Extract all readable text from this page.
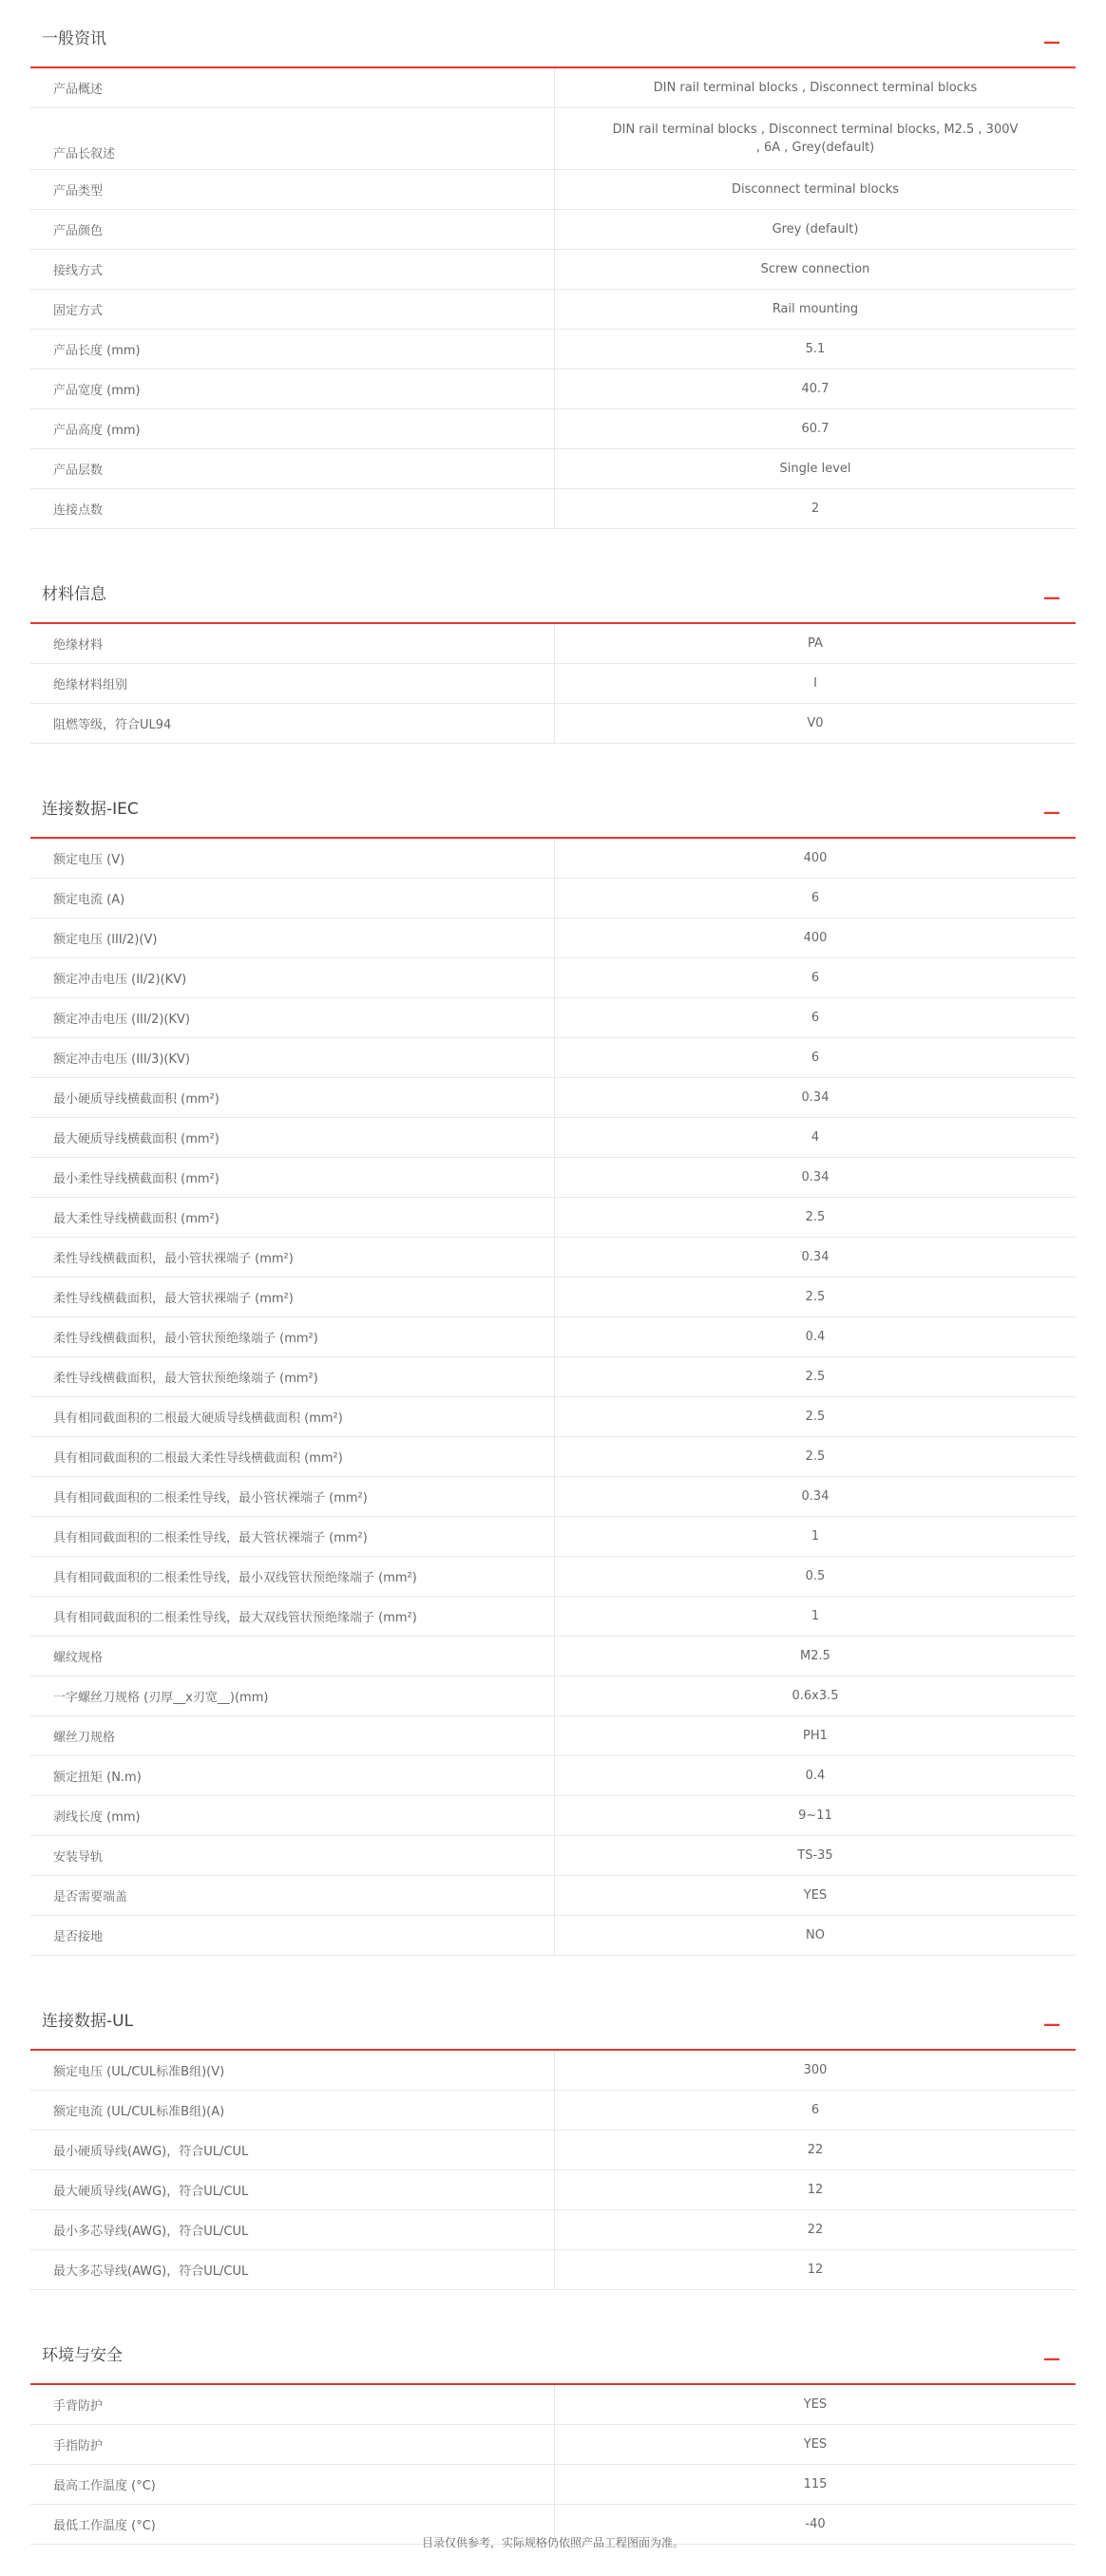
一般资讯	—
产品概述	DIN rail terminal blocks , Disconnect terminal blocks
产品长叙述	DIN rail terminal blocks , Disconnect terminal blocks, M2.5 , 300V , 6A , Grey(default)
产品类型	Disconnect terminal blocks
产品颜色	Grey (default)
接线方式	Screw connection
固定方式	Rail mounting
产品长度 (mm)	5.1
产品宽度 (mm)	40.7
产品高度 (mm)	60.7
产品层数	Single level
连接点数	2
材料信息	—
绝缘材料	PA
绝缘材料组别	I
阻燃等级，符合UL94	V0
连接数据-IEC	—
额定电压 (V)	400
额定电流 (A)	6
额定电压 (III/2)(V)	400
额定冲击电压 (II/2)(KV)	6
额定冲击电压 (III/2)(KV)	6
额定冲击电压 (III/3)(KV)	6
最小硬质导线横截面积 (mm²)	0.34
最大硬质导线横截面积 (mm²)	4
最小柔性导线横截面积 (mm²)	0.34
最大柔性导线横截面积 (mm²)	2.5
柔性导线横截面积，最小管状裸端子 (mm²)	0.34
柔性导线横截面积，最大管状裸端子 (mm²)	2.5
柔性导线横截面积，最小管状预绝缘端子 (mm²)	0.4
柔性导线横截面积，最大管状预绝缘端子 (mm²)	2.5
具有相同截面积的二根最大硬质导线横截面积 (mm²)	2.5
具有相同截面积的二根最大柔性导线横截面积 (mm²)	2.5
具有相同截面积的二根柔性导线，最小管状裸端子 (mm²)	0.34
具有相同截面积的二根柔性导线，最大管状裸端子 (mm²)	1
具有相同截面积的二根柔性导线，最小双线管状预绝缘端子 (mm²)	0.5
具有相同截面积的二根柔性导线，最大双线管状预绝缘端子 (mm²)	1
螺纹规格	M2.5
一字螺丝刀规格 (刃厚__x刃宽__)(mm)	0.6x3.5
螺丝刀规格	PH1
额定扭矩 (N.m)	0.4
剥线长度 (mm)	9~11
安装导轨	TS-35
是否需要端盖	YES
是否接地	NO
连接数据-UL	—
额定电压 (UL/CUL标准B组)(V)	300
额定电流 (UL/CUL标准B组)(A)	6
最小硬质导线(AWG)，符合UL/CUL	22
最大硬质导线(AWG)，符合UL/CUL	12
最小多芯导线(AWG)，符合UL/CUL	22
最大多芯导线(AWG)，符合UL/CUL	12
环境与安全	—
手背防护	YES
手指防护	YES
最高工作温度 (°C)	115
最低工作温度 (°C)	-40
目录仅供参考，实际规格仍依照产品工程图面为准。
